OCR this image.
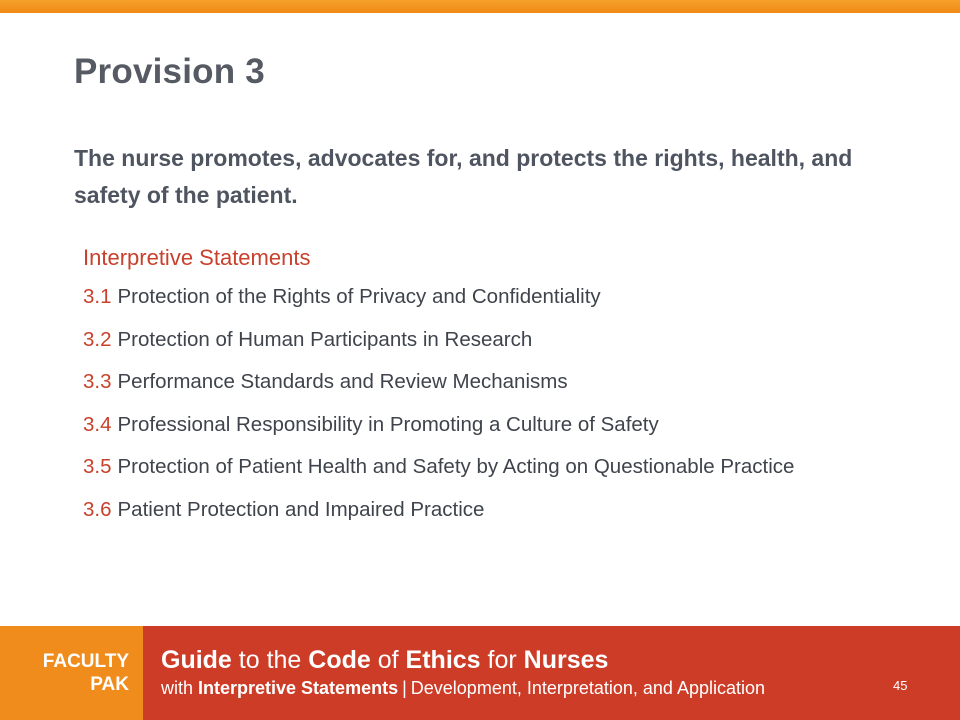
Provision 3

The nurse promotes, advocates for, and protects the rights, health, and safety of the patient.

Interpretive Statements
3.1 Protection of the Rights of Privacy and Confidentiality
3.2 Protection of Human Participants in Research
3.3 Performance Standards and Review Mechanisms
3.4 Professional Responsibility in Promoting a Culture of Safety
3.5 Protection of Patient Health and Safety by Acting on Questionable Practice
3.6 Patient Protection and Impaired Practice
FACULTY
PAK
Guide to the Code of Ethics for Nurses
with Interpretive Statements | Development, Interpretation, and Application	45
